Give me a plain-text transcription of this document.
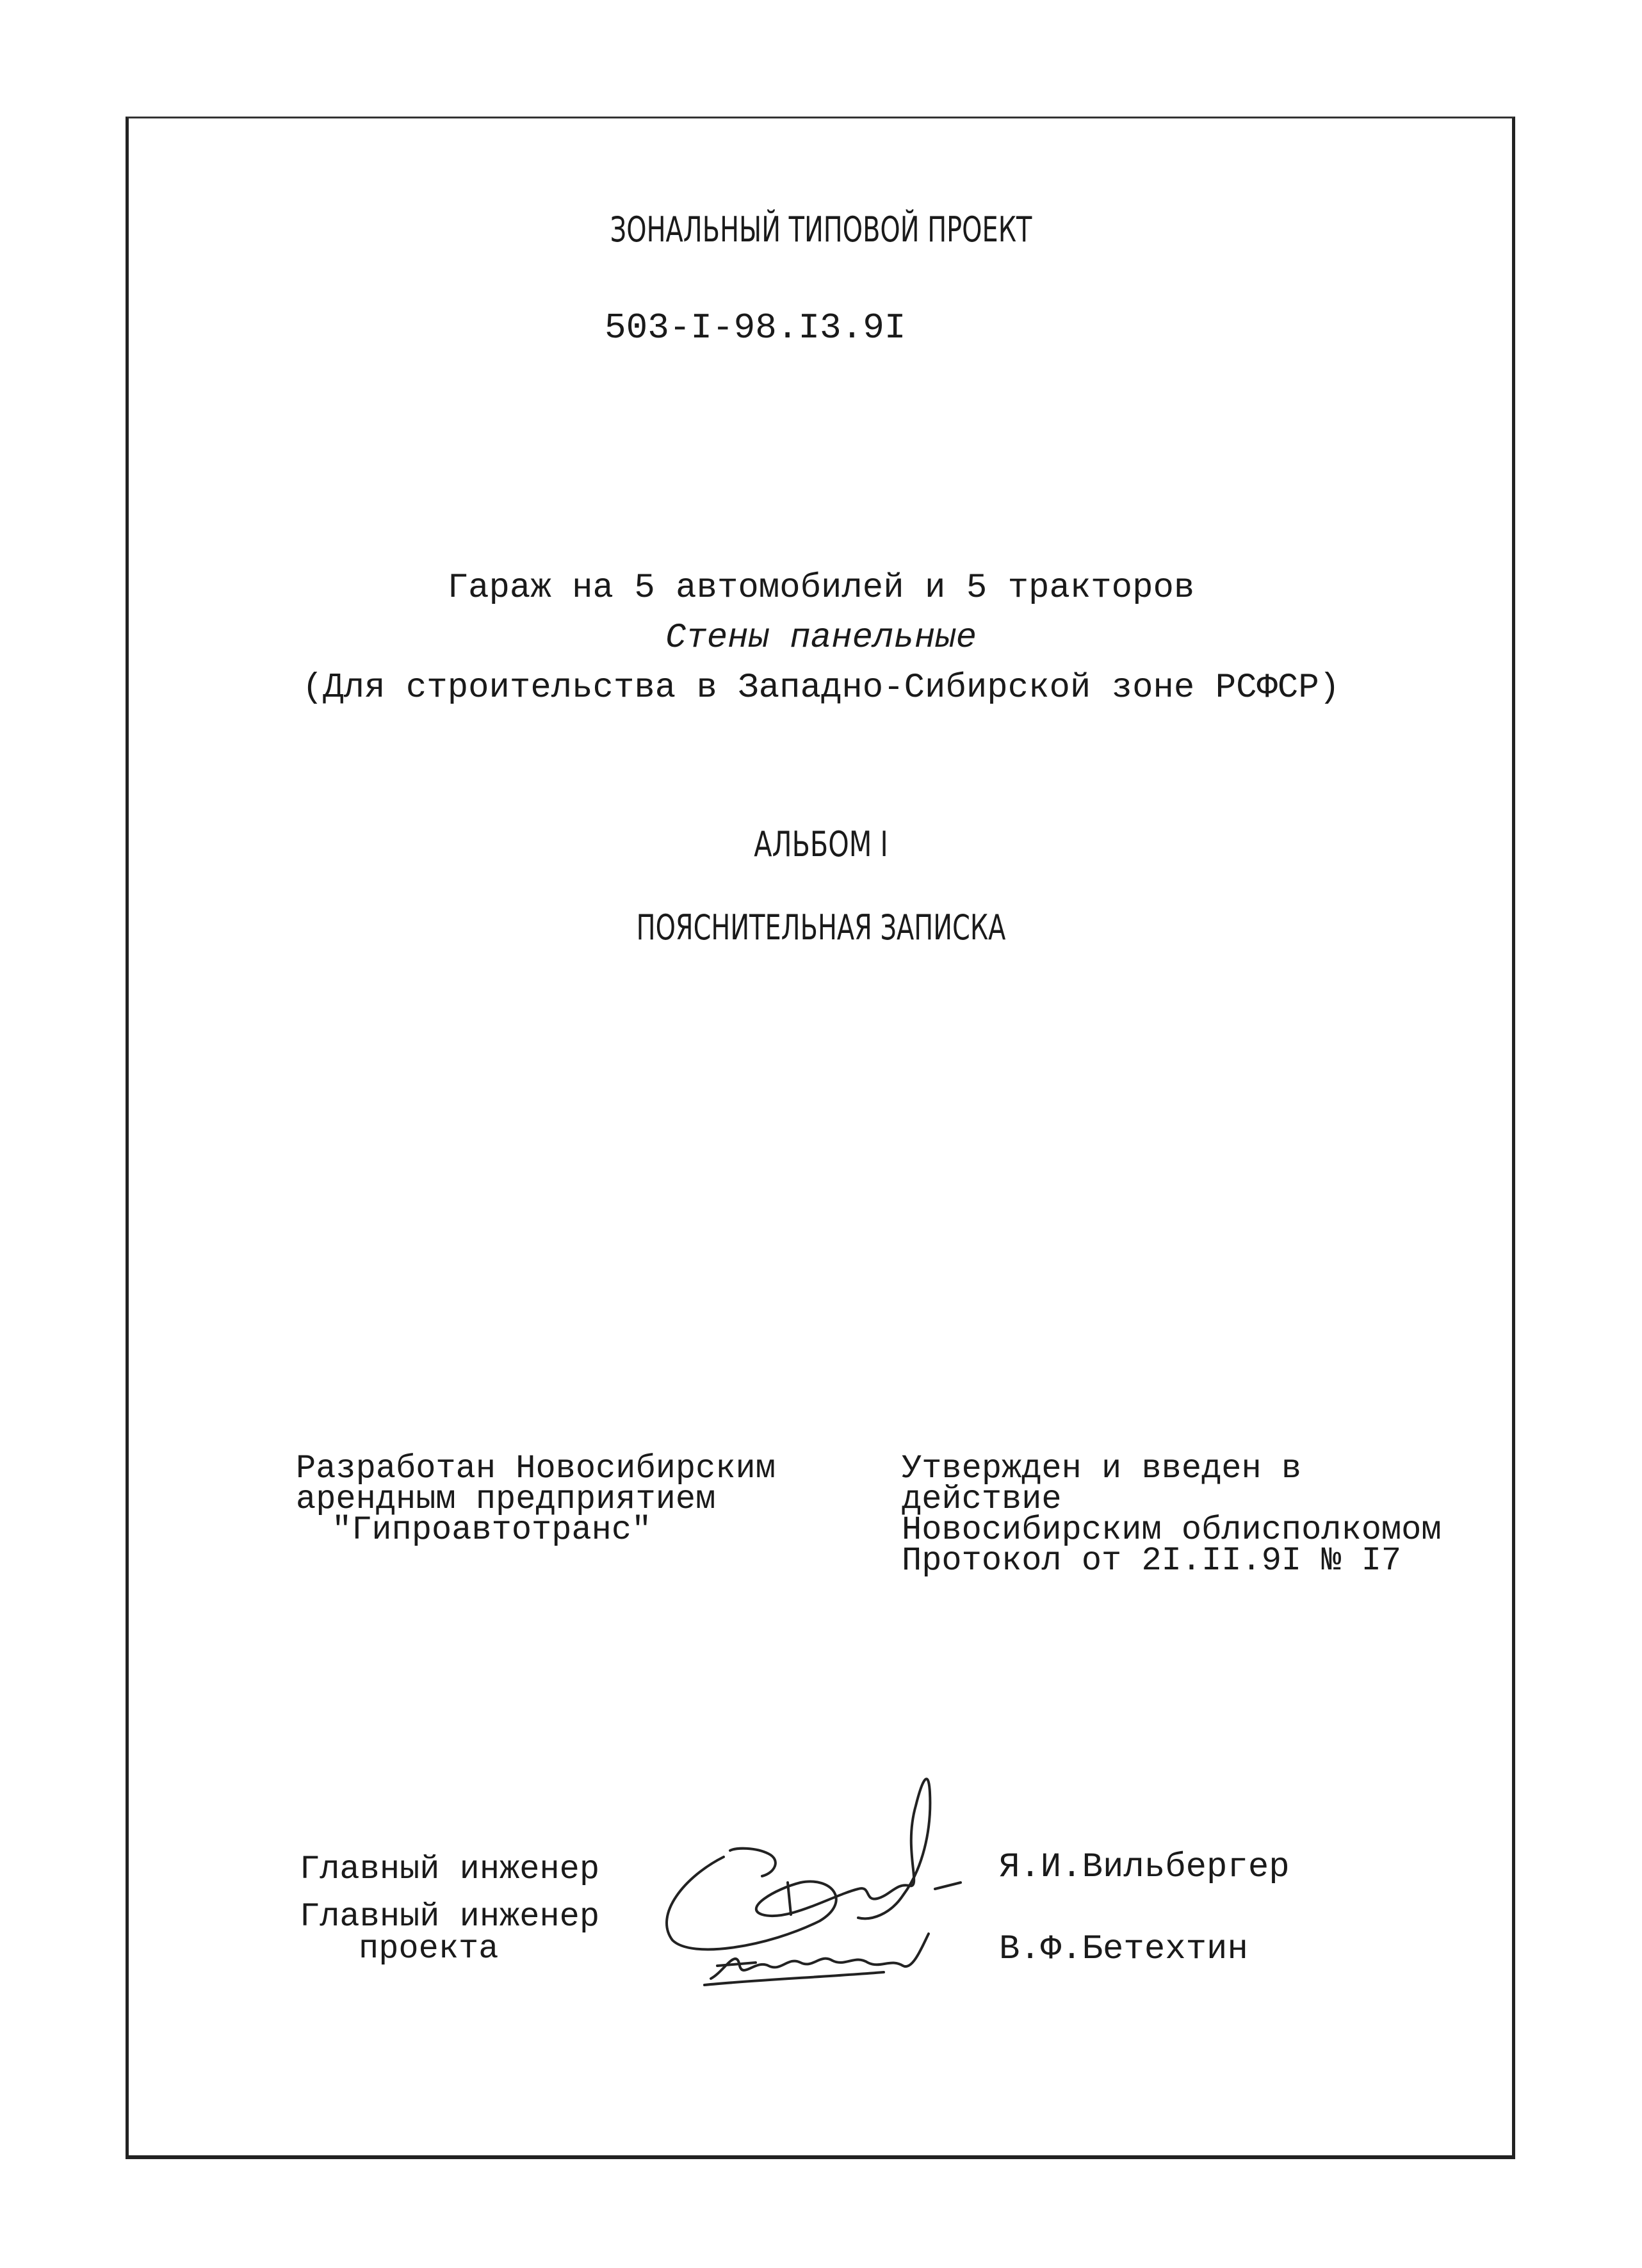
ЗОНАЛЬНЫЙ ТИПОВОЙ ПРОЕКТ
503-I-98.I3.9I
Гараж на 5 автомобилей и 5 тракторов
Стены панельные
(Для строительства в Западно-Сибирской зоне РСФСР)
АЛЬБОМ I
ПОЯСНИТЕЛЬНАЯ ЗАПИСКА
Разработан Новосибирским
арендным предприятием
"Гипроавтотранс"
Утвержден и введен в
действие
Новосибирским облисполкомом
Протокол от 2I.II.9I № I7
Главный инженер
Главный инженер
проекта
Я.И.Вильбергер
В.Ф.Бетехтин
